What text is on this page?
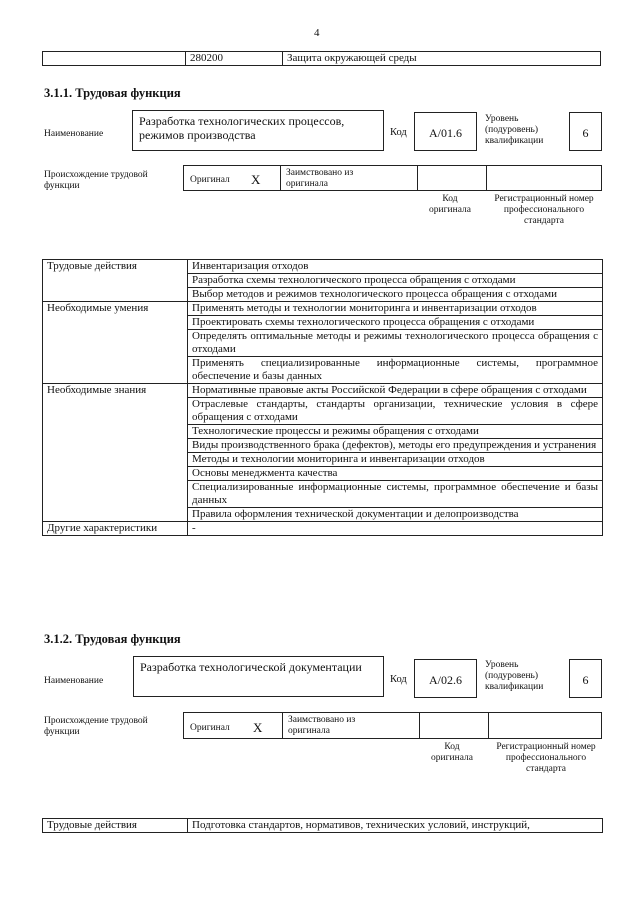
4
	280200	Защита окружающей среды
3.1.1. Трудовая функция
Наименование
Разработка технологических процессов, режимов производства	Код	A/01.6
Уровень (подуровень) квалификации
6
Происхождение трудовой функции
Оригинал X	Заимствовано из оригинала
Код оригинала
Регистрационный номер профессионального стандарта
Трудовые действия	Инвентаризация отходов
	Разработка схемы технологического процесса обращения с отходами
	Выбор методов и режимов технологического процесса обращения с отходами
Необходимые умения	Применять методы и технологии мониторинга и инвентаризации отходов
	Проектировать схемы технологического процесса обращения с отходами
	Определять оптимальные методы и режимы технологического процесса обращения с отходами
	Применять специализированные информационные системы, программное обеспечение и базы данных
Необходимые знания	Нормативные правовые акты Российской Федерации в сфере обращения с отходами
	Отраслевые стандарты, стандарты организации, технические условия в сфере обращения с отходами
	Технологические процессы и режимы обращения с отходами
	Виды производственного брака (дефектов), методы его предупреждения и устранения
	Методы и технологии мониторинга и инвентаризации отходов
	Основы менеджмента качества
	Специализированные информационные системы, программное обеспечение и базы данных
	Правила оформления технической документации и делопроизводства
Другие характеристики	-
3.1.2. Трудовая функция
Наименование
Разработка технологической документации
Код	A/02.6
Уровень (подуровень) квалификации	6
Происхождение трудовой функции	Оригинал X	Заимствовано из оригинала
Код оригинала
Регистрационный номер профессионального стандарта
Трудовые действия	Подготовка стандартов, нормативов, технических условий, инструкций,
